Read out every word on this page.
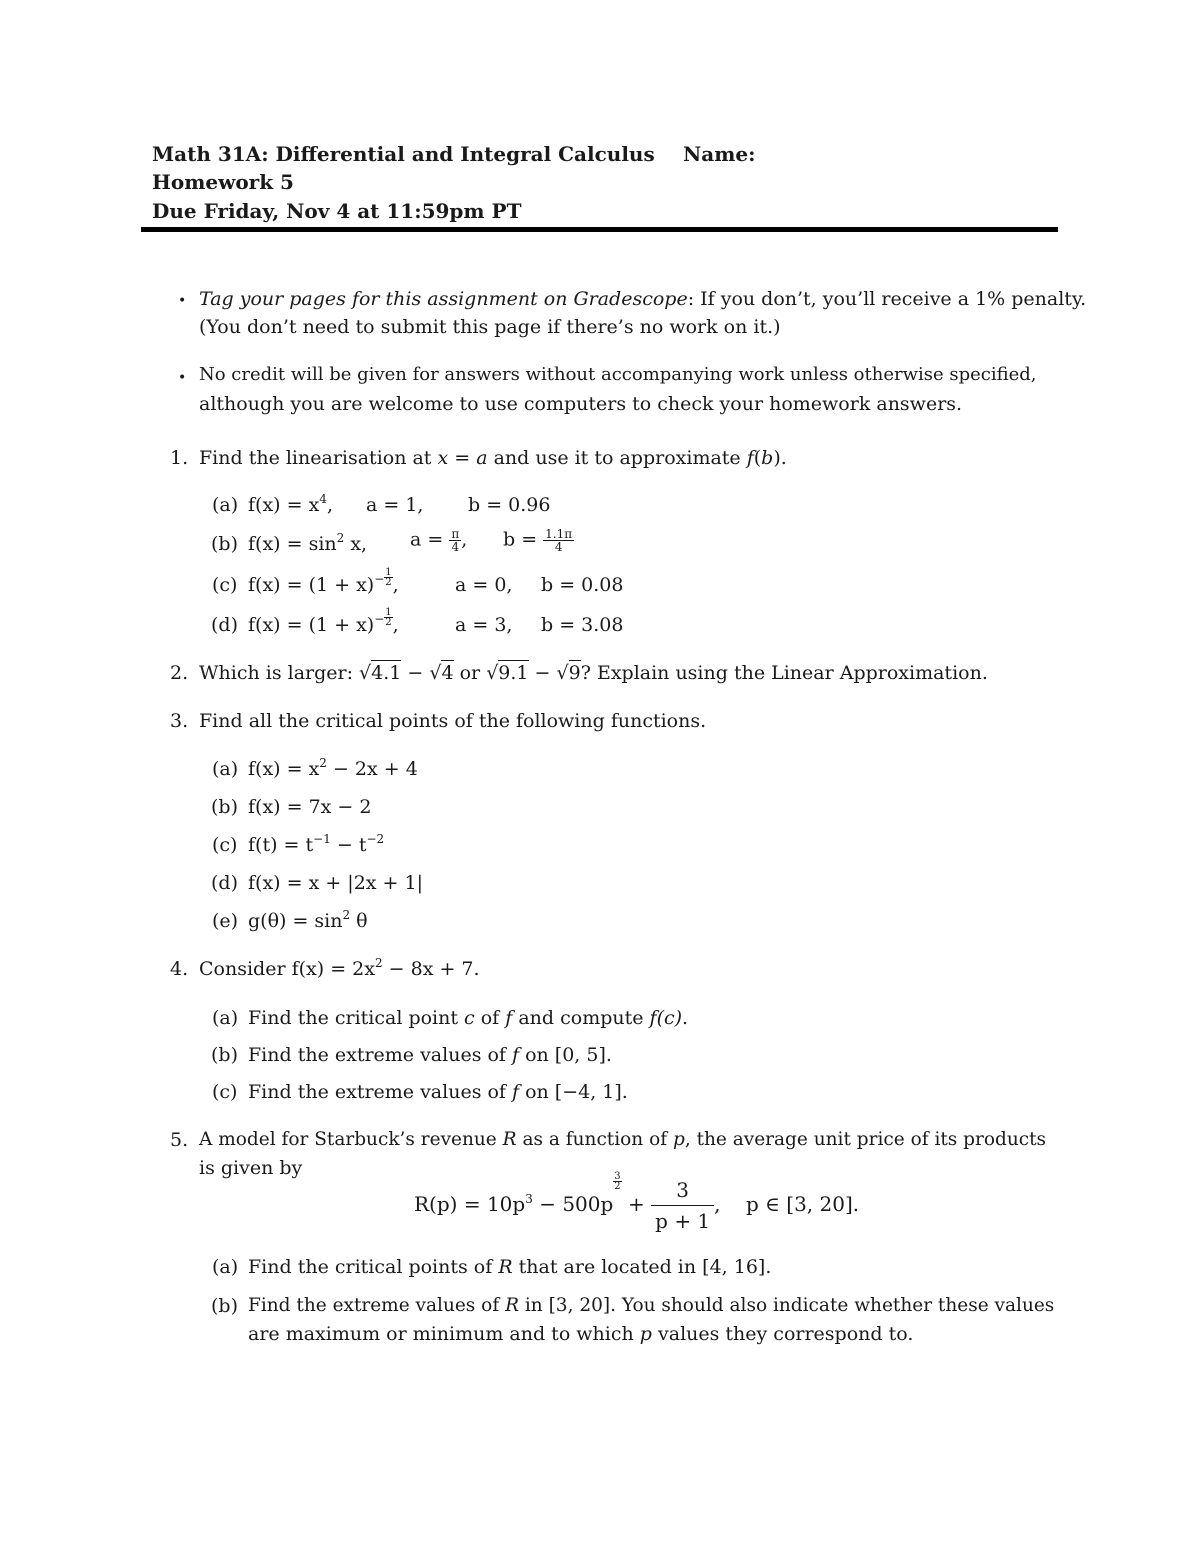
Math 31A: Differential and Integral Calculus Name:
Homework 5
Due Friday, Nov 4 at 11:59pm PT
• Tag your pages for this assignment on Gradescope: If you don’t, you’ll receive a 1% penalty.
(You don’t need to submit this page if there’s no work on it.)
• No credit will be given for answers without accompanying work unless otherwise specified,
although you are welcome to use computers to check your homework answers.
1. Find the linearisation at x = a and use it to approximate f(b).
(a) $f(x) = x^4$, a = 1, b = 0.96
(b) $f(x) = \sin^2 x$, $a = \frac{\pi}{4}$ , $b = \frac{1.1\pi}{4}$
(c) $f(x) = (1 + x)^- \frac{1}{2}$ ,	a = 0, b = 0.08
(d) $f(x) = (1 + x)^- \frac{1}{2}$ ,	a = 3, b = 3.08
2. Which is larger: √4.1 − √4 or √9.1 − √9? Explain using the Linear Approximation.
3. Find all the critical points of the following functions.
(a) $f(x) = x^2 - 2x + 4$
(b) f(x) = 7x − 2
(c) $f(t) = t^{-1} - t^{-2}$
(d) f(x) = x + |2x + 1|
(e) $g(\theta) = \sin^2 \theta$
4. Consider $f(x) = 2x^2 - 8x + 7$.
(a) Find the critical point c of f and compute f(c).
(b) Find the extreme values of f on [0, 5].
(c) Find the extreme values of f on [−4, 1].
5. A model for Starbuck’s revenue R as a function of p, the average unit price of its products
is given by
$R(p) = 10p^3 - 500p$
$\frac{3}{2}$
+ $\frac{3}{p + 1}$ ,    p ∈ [3, 20].
(a) Find the critical points of R that are located in [4, 16].
(b) Find the extreme values of R in [3, 20]. You should also indicate whether these values
are maximum or minimum and to which p values they correspond to.
